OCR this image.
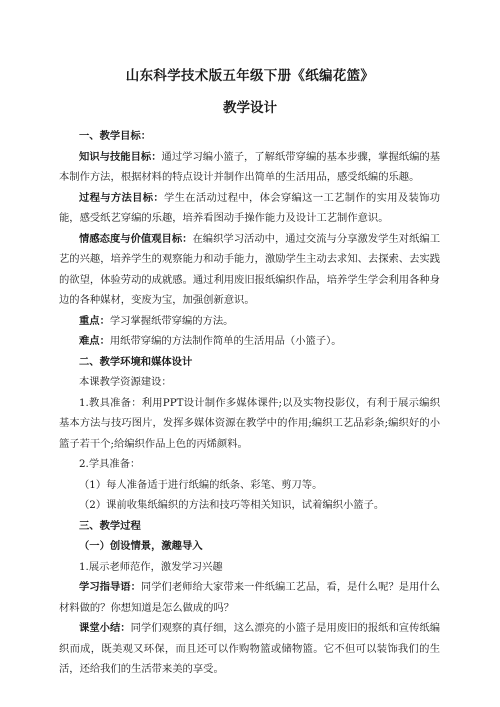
山东科学技术版五年级下册《纸编花篮》
教学设计

一、教学目标：

知识与技能目标：通过学习编小篮子，了解纸带穿编的基本步骤，掌握纸编的基本制作方法，根据材料的特点设计并制作出简单的生活用品，感受纸编的乐趣。

过程与方法目标：学生在活动过程中，体会穿编这一工艺制作的实用及装饰功能，感受纸艺穿编的乐趣，培养看图动手操作能力及设计工艺制作意识。

情感态度与价值观目标：在编织学习活动中，通过交流与分享激发学生对纸编工艺的兴趣，培养学生的观察能力和动手能力，激励学生主动去求知、去探索、去实践的欲望，体验劳动的成就感。通过利用废旧报纸编织作品，培养学生学会利用各种身边的各种媒材，变废为宝，加强创新意识。

重点：学习掌握纸带穿编的方法。

难点：用纸带穿编的方法制作简单的生活用品（小篮子）。

二、教学环境和媒体设计

本课教学资源建设：

1.教具准备：利用PPT设计制作多媒体课件;以及实物投影仪，有利于展示编织基本方法与技巧图片，发挥多媒体资源在教学中的作用;编织工艺品彩条;编织好的小篮子若干个;给编织作品上色的丙烯颜料。

2.学具准备：

（1）每人准备适于进行纸编的纸条、彩笔、剪刀等。

（2）课前收集纸编织的方法和技巧等相关知识，试着编织小篮子。

三、教学过程

（一）创设情景，激趣导入

1.展示老师范作，激发学习兴趣

学习指导语：同学们老师给大家带来一件纸编工艺品，看，是什么呢？是用什么材料做的？你想知道是怎么做成的吗？

课堂小结：同学们观察的真仔细，这么漂亮的小篮子是用废旧的报纸和宣传纸编织而成，既美观又环保，而且还可以作购物篮或储物篮。它不但可以装饰我们的生活，还给我们的生活带来美的享受。
